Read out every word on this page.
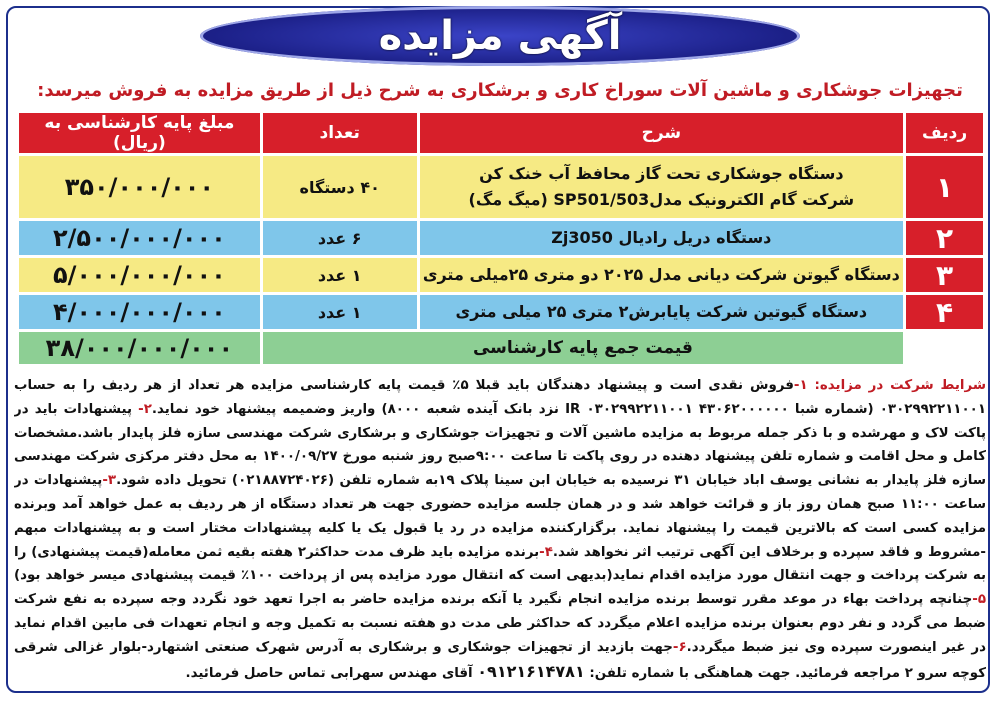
آگهی مزایده
تجهیزات جوشکاری و ماشین آلات سوراخ کاری و برشکاری به شرح ذیل از طریق مزایده به فروش میرسد:
ردیف	شرح	تعداد	مبلغ پایه کارشناسی به (ریال)
۱	دستگاه جوشکاری تحت گاز محافظ آب خنک کن
شرکت گام الکترونیک مدلSP501/503 (میگ مگ)	۴۰ دستگاه	۳۵۰/۰۰۰/۰۰۰
۲	دستگاه دریل رادیال Zj3050	۶ عدد	۲/۵۰۰/۰۰۰/۰۰۰
۳	دستگاه گیوتن شرکت دیانی مدل ۲۰۲۵ دو متری ۲۵میلی متری	۱ عدد	۵/۰۰۰/۰۰۰/۰۰۰
۴	دستگاه گیوتین شرکت پایابرش۲ متری ۲۵ میلی متری	۱ عدد	۴/۰۰۰/۰۰۰/۰۰۰
	قیمت جمع پایه کارشناسی		۳۸/۰۰۰/۰۰۰/۰۰۰
شرایط شرکت در مزایده: ۱-فروش نقدی است و پیشنهاد دهندگان باید قبلا ۵٪ قیمت پایه کارشناسی مزایده هر تعداد از هر ردیف را به حساب ۰۳۰۲۹۹۲۲۱۱۰۰۱ (شماره شبا IR ۰۳۰۲۹۹۲۲۱۱۰۰۱ ۴۳۰۶۲۰۰۰۰۰۰ نزد بانک آینده شعبه ۸۰۰۰) واریز وضمیمه پیشنهاد خود نماید.۲- پیشنهادات باید در پاکت لاک و مهرشده و با ذکر جمله مربوط به مزایده ماشین آلات و تجهیزات جوشکاری و برشکاری شرکت مهندسی سازه فلز پایدار باشد.مشخصات کامل و محل اقامت و شماره تلفن پیشنهاد دهنده در روی پاکت تا ساعت ۹:۰۰صبح روز شنبه مورخ ۱۴۰۰/۰۹/۲۷ به محل دفتر مرکزی شرکت مهندسی سازه فلز پایدار به نشانی یوسف اباد خیابان ۳۱ نرسیده به خیابان ابن سینا پلاک ۱۹به شماره تلفن (۰۲۱۸۸۷۲۴۰۲۶) تحویل داده شود.۳-پیشنهادات در ساعت ۱۱:۰۰ صبح همان روز باز و قرائت خواهد شد و در همان جلسه مزایده حضوری جهت هر تعداد دستگاه از هر ردیف به عمل خواهد آمد وبرنده مزایده کسی است که بالاترین قیمت را پیشنهاد نماید. برگزارکننده مزایده در رد یا قبول یک یا کلیه پیشنهادات مختار است و به پیشنهادات مبهم -مشروط و فاقد سپرده و برخلاف این آگهی ترتیب اثر نخواهد شد.۴-برنده مزایده باید ظرف مدت حداکثر۲ هفته بقیه ثمن معامله(قیمت پیشنهادی) را به شرکت پرداخت و جهت انتقال مورد مزایده اقدام نماید(بدیهی است که انتقال مورد مزایده پس از پرداخت ۱۰۰٪ قیمت پیشنهادی میسر خواهد بود) ۵-چنانچه پرداخت بهاء در موعد مقرر توسط برنده مزایده انجام نگیرد یا آنکه برنده مزایده حاضر به اجرا تعهد خود نگردد وجه سپرده به نفع شرکت ضبط می گردد و نفر دوم بعنوان برنده مزایده اعلام میگردد که حداکثر طی مدت دو هفته نسبت به تکمیل وجه و انجام تعهدات فی مابین اقدام نماید در غیر اینصورت سپرده وی نیز ضبط میگردد.۶-جهت بازدید از تجهیزات جوشکاری و برشکاری به آدرس شهرک صنعتی اشتهارد-بلوار غزالی شرقی کوچه سرو ۲ مراجعه فرمائید. جهت هماهنگی با شماره تلفن: ۰۹۱۲۱۶۱۴۷۸۱ آقای مهندس سهرابی تماس حاصل فرمائید.
